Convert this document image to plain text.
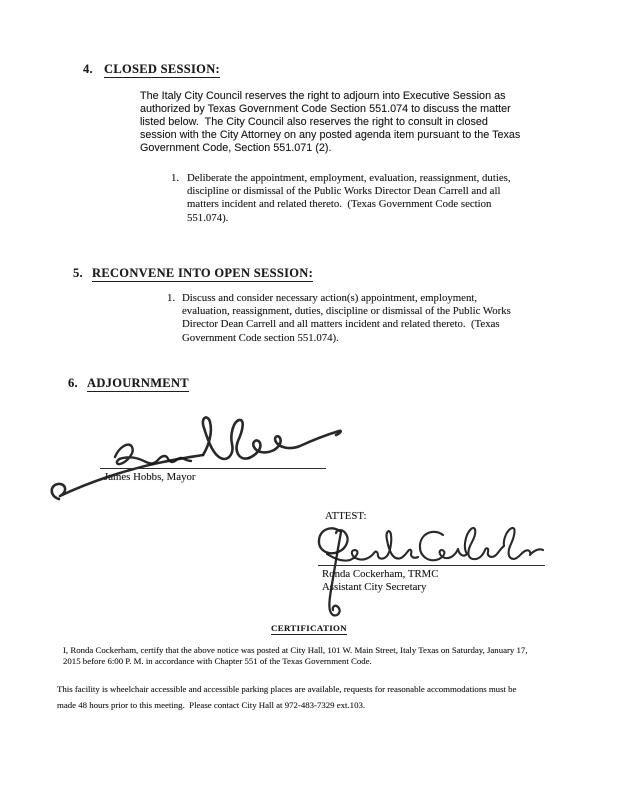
4. CLOSED SESSION:
The Italy City Council reserves the right to adjourn into Executive Session as
authorized by Texas Government Code Section 551.074 to discuss the matter
listed below.  The City Council also reserves the right to consult in closed
session with the City Attorney on any posted agenda item pursuant to the Texas
Government Code, Section 551.071 (2).
1. Deliberate the appointment, employment, evaluation, reassignment, duties,
discipline or dismissal of the Public Works Director Dean Carrell and all
matters incident and related thereto.  (Texas Government Code section
551.074).
5. RECONVENE INTO OPEN SESSION:
1. Discuss and consider necessary action(s) appointment, employment,
evaluation, reassignment, duties, discipline or dismissal of the Public Works
Director Dean Carrell and all matters incident and related thereto.  (Texas
Government Code section 551.074).
6. ADJOURNMENT
James Hobbs, Mayor
ATTEST:
Ronda Cockerham, TRMC
Assistant City Secretary
CERTIFICATION
I, Ronda Cockerham, certify that the above notice was posted at City Hall, 101 W. Main Street, Italy Texas on Saturday, January 17,
2015 before 6:00 P. M. in accordance with Chapter 551 of the Texas Government Code.
This facility is wheelchair accessible and accessible parking places are available, requests for reasonable accommodations must be
made 48 hours prior to this meeting.  Please contact City Hall at 972-483-7329 ext.103.
